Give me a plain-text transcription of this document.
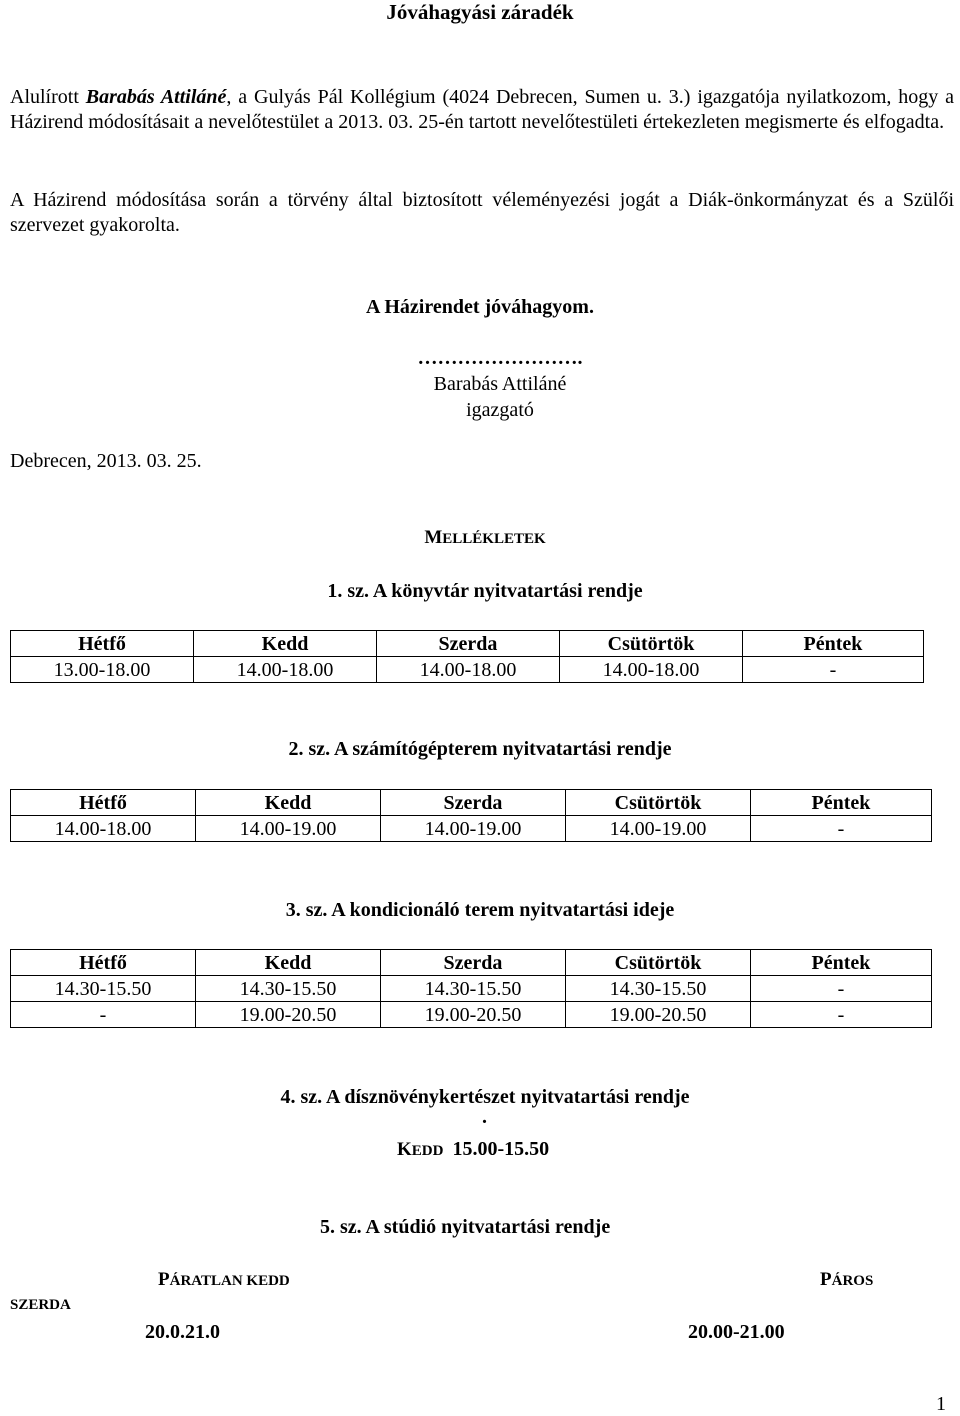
Jóváhagyási záradék
Alulírott Barabás Attiláné, a Gulyás Pál Kollégium (4024 Debrecen, Sumen u. 3.) igazgatója nyilatkozom, hogy a Házirend módosításait a nevelőtestület a 2013. 03. 25-én tartott nevelőtestületi értekezleten megismerte és elfogadta.
A Házirend módosítása során a törvény által biztosított véleményezési jogát a Diák-önkormányzat és a Szülői szervezet gyakorolta.
A Házirendet jóváhagyom.
…………………….
Barabás Attiláné
igazgató
Debrecen, 2013. 03. 25.
MELLÉKLETEK
1. sz. A könyvtár nyitvatartási rendje
Hétfő	Kedd	Szerda	Csütörtök	Péntek
13.00-18.00	14.00-18.00	14.00-18.00	14.00-18.00	-
2. sz. A számítógépterem nyitvatartási rendje
Hétfő	Kedd	Szerda	Csütörtök	Péntek
14.00-18.00	14.00-19.00	14.00-19.00	14.00-19.00	-
3. sz. A kondicionáló terem nyitvatartási ideje
Hétfő	Kedd	Szerda	Csütörtök	Péntek
14.30-15.50	14.30-15.50	14.30-15.50	14.30-15.50	-
-	19.00-20.50	19.00-20.50	19.00-20.50	-
4. sz. A dísznövénykertészet nyitvatartási rendje
.
KEDD 15.00-15.50
5. sz. A stúdió nyitvatartási rendje
PÁRATLAN KEDD	PÁROS
SZERDA
20.0.21.0	20.00-21.00
1
